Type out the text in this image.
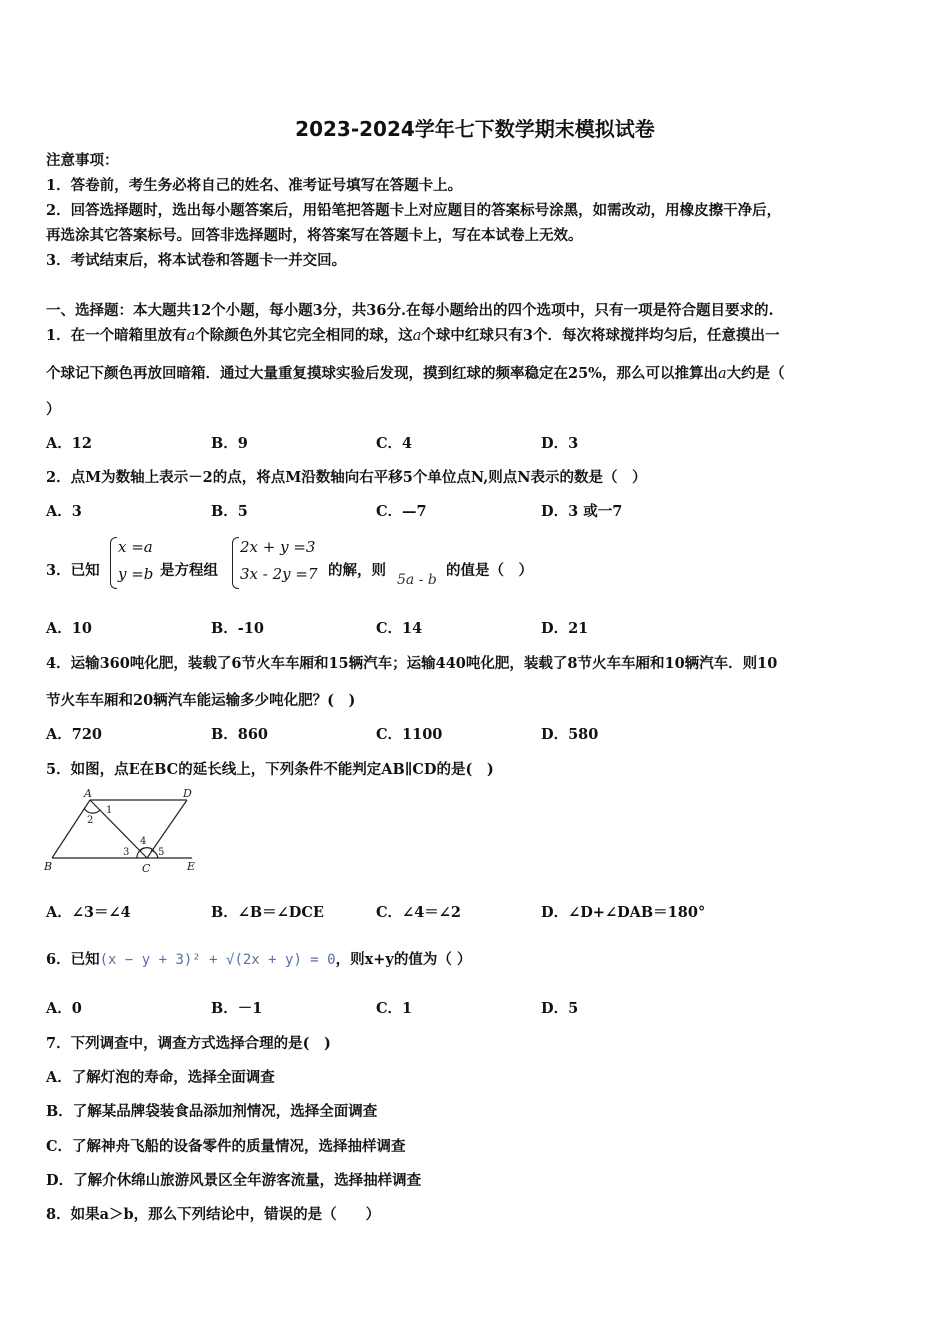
2023-2024学年七下数学期末模拟试卷
注意事项：
1．答卷前，考生务必将自己的姓名、准考证号填写在答题卡上。
2．回答选择题时，选出每小题答案后，用铅笔把答题卡上对应题目的答案标号涂黑，如需改动，用橡皮擦干净后，
再选涂其它答案标号。回答非选择题时，将答案写在答题卡上，写在本试卷上无效。
3．考试结束后，将本试卷和答题卡一并交回。
一、选择题：本大题共12个小题，每小题3分，共36分.在每小题给出的四个选项中，只有一项是符合题目要求的.
1．在一个暗箱里放有a个除颜色外其它完全相同的球，这a个球中红球只有3个．每次将球搅拌均匀后，任意摸出一
个球记下颜色再放回暗箱．通过大量重复摸球实验后发现，摸到红球的频率稳定在25%，那么可以推算出a大约是（
）
A．12	B．9	C．4	D．3
2．点M为数轴上表示－2的点，将点M沿数轴向右平移5个单位点N,则点N表示的数是（　）
A．3	B．5	C．—7	D．3 或一7
3．已知
x =a
y =b 是方程组
2x + y =3
3x - 2y =7 的解，则
5a - b
的值是（　）
A．10	B．-10	C．14	D．21
4．运输360吨化肥，装载了6节火车车厢和15辆汽车；运输440吨化肥，装载了8节火车车厢和10辆汽车．则10
节火车车厢和20辆汽车能运输多少吨化肥？(　)
A．720	B．860	C．1100	D．580
5．如图，点E在BC的延长线上，下列条件不能判定AB∥CD的是(　)
A	D
B	C	E
1
2
3
4
5
A．∠3＝∠4	B．∠B＝∠DCE	C．∠4＝∠2	D．∠D+∠DAB＝180°
6．已知(x − y + 3)² + √(2x + y) = 0，则x+y的值为（ ）
A．0	B．－1	C．1	D．5
7．下列调查中，调查方式选择合理的是(　)
A．了解灯泡的寿命，选择全面调查
B．了解某品牌袋装食品添加剂情况，选择全面调查
C．了解神舟飞船的设备零件的质量情况，选择抽样调查
D．了解介休绵山旅游风景区全年游客流量，选择抽样调查
8．如果a＞b，那么下列结论中，错误的是（　　）
